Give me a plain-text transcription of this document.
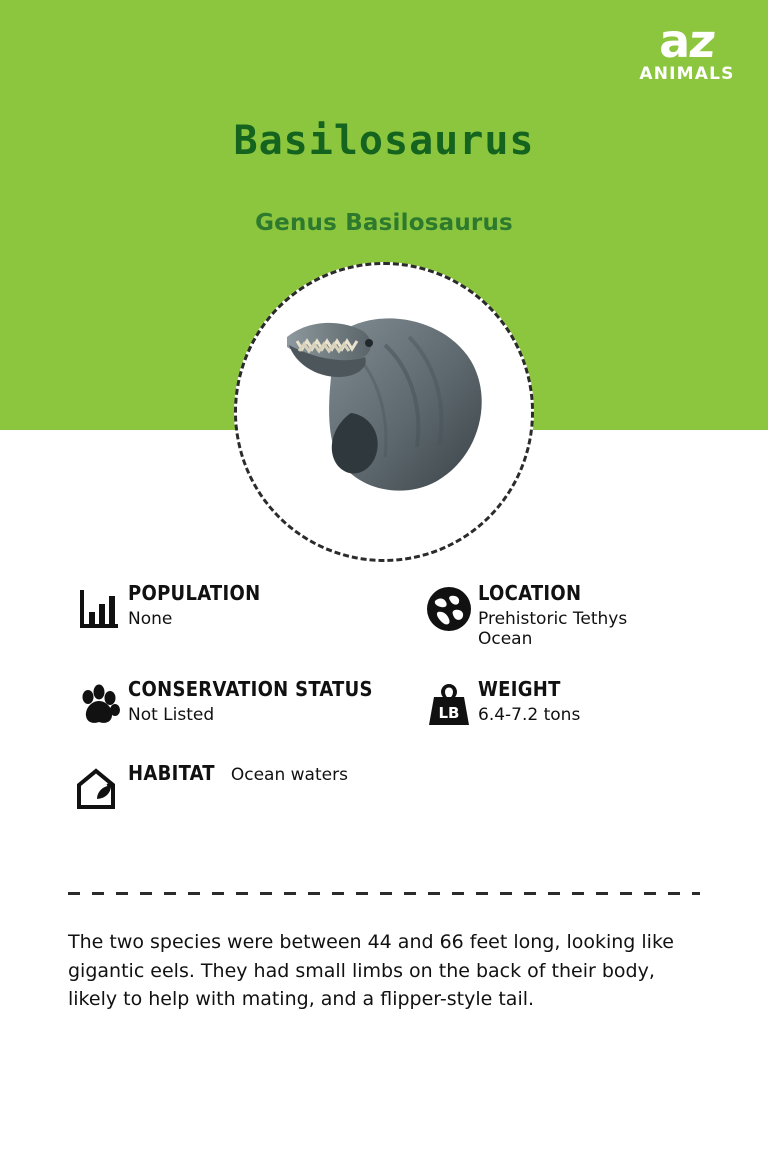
az
ANIMALS
Basilosaurus
Genus Basilosaurus
POPULATION
None
LOCATION
Prehistoric Tethys Ocean
CONSERVATION STATUS
Not Listed	LB
WEIGHT
6.4-7.2 tons
HABITAT Ocean waters
The two species were between 44 and 66 feet long, looking like gigantic eels. They had small limbs on the back of their body, likely to help with mating, and a flipper-style tail.
